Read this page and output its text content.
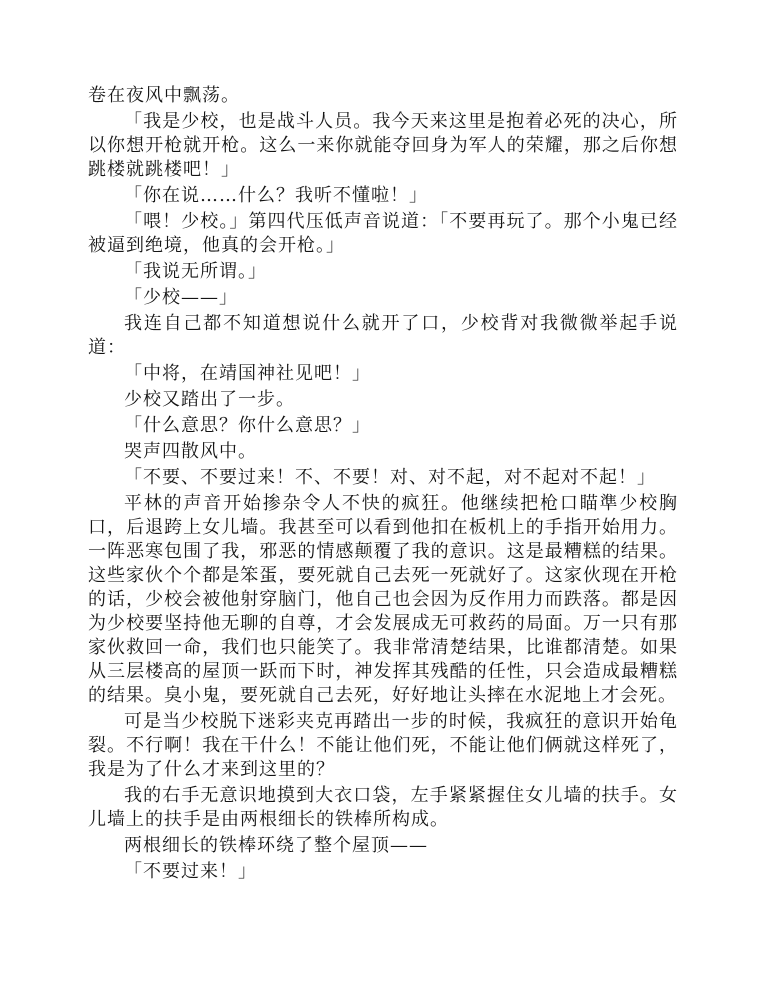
卷在夜风中飘荡。

「我是少校，也是战斗人员。我今天来这里是抱着必死的决心，所以你想开枪就开枪。这么一来你就能夺回身为军人的荣耀，那之后你想跳楼就跳楼吧！」

「你在说……什么？我听不懂啦！」

「喂！少校。」第四代压低声音说道：「不要再玩了。那个小鬼已经被逼到绝境，他真的会开枪。」

「我说无所谓。」

「少校——」

我连自己都不知道想说什么就开了口，少校背对我微微举起手说道：

「中将，在靖国神社见吧！」

少校又踏出了一步。

「什么意思？你什么意思？」

哭声四散风中。

「不要、不要过来！不、不要！对、对不起，对不起对不起！」

平林的声音开始掺杂令人不快的疯狂。他继续把枪口瞄準少校胸口，后退跨上女儿墙。我甚至可以看到他扣在板机上的手指开始用力。一阵恶寒包围了我，邪恶的情感颠覆了我的意识。这是最糟糕的结果。这些家伙个个都是笨蛋，要死就自己去死一死就好了。这家伙现在开枪的话，少校会被他射穿脑门，他自己也会因为反作用力而跌落。都是因为少校要坚持他无聊的自尊，才会发展成无可救药的局面。万一只有那家伙救回一命，我们也只能笑了。我非常清楚结果，比谁都清楚。如果从三层楼高的屋顶一跃而下时，神发挥其残酷的任性，只会造成最糟糕的结果。臭小鬼，要死就自己去死，好好地让头摔在水泥地上才会死。

可是当少校脱下迷彩夹克再踏出一步的时候，我疯狂的意识开始龟裂。不行啊！我在干什么！不能让他们死，不能让他们俩就这样死了，我是为了什么才来到这里的？

我的右手无意识地摸到大衣口袋，左手紧紧握住女儿墙的扶手。女儿墙上的扶手是由两根细长的铁棒所构成。

两根细长的铁棒环绕了整个屋顶——

「不要过来！」
